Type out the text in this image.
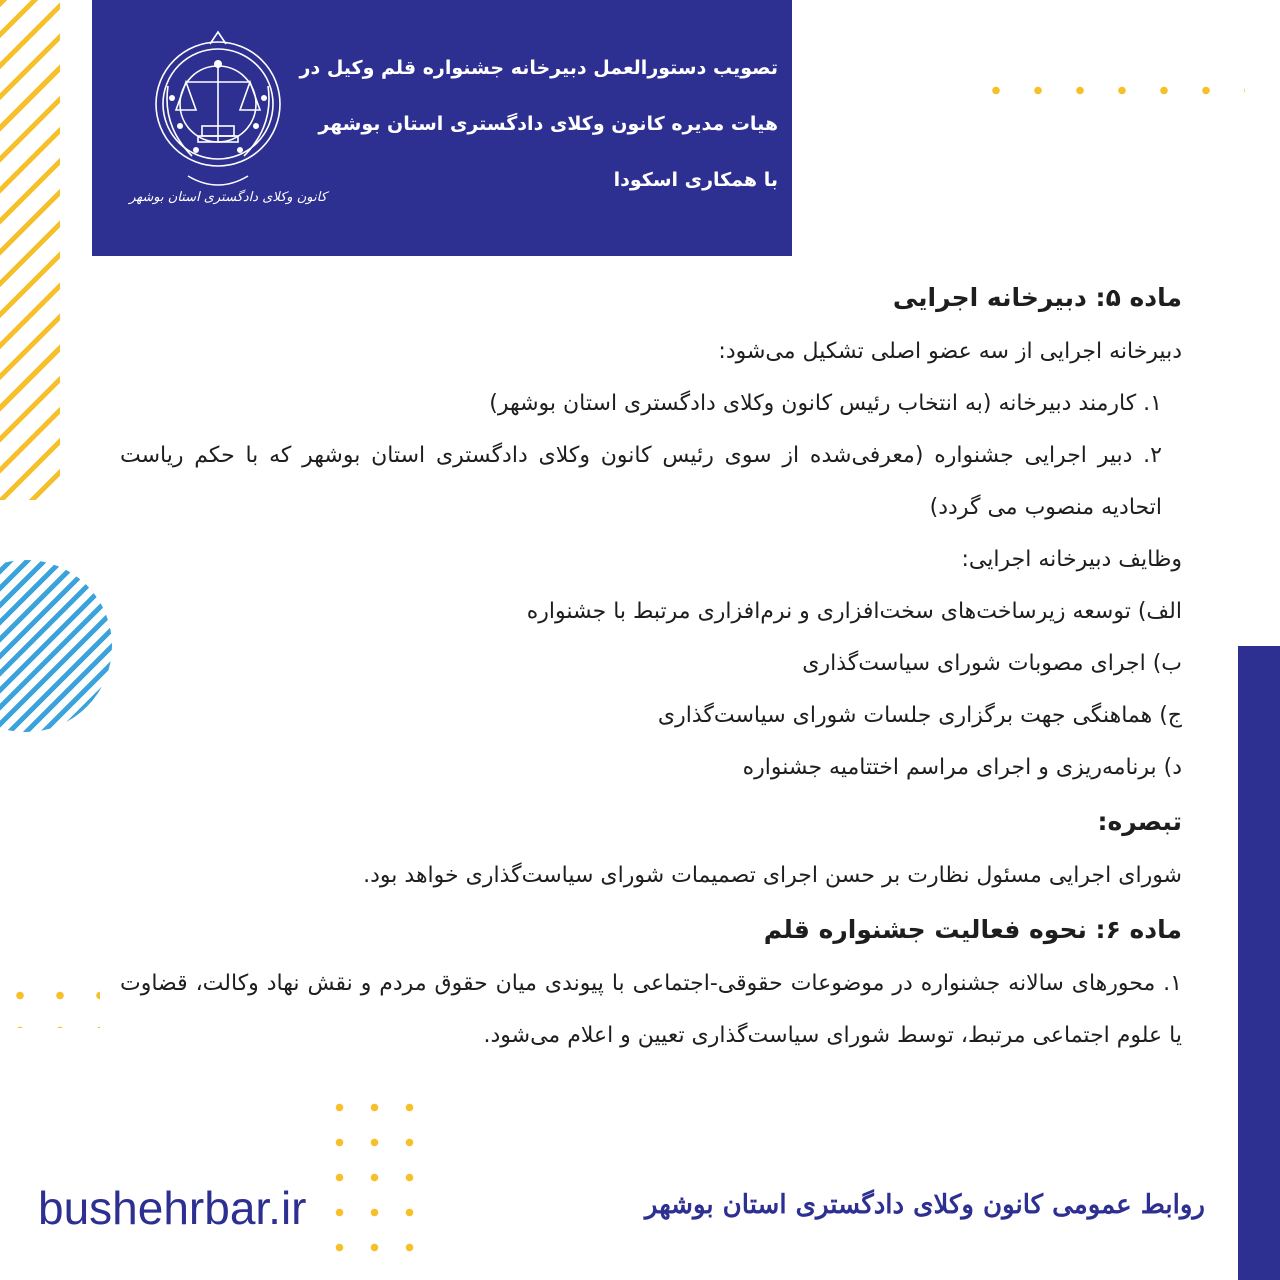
کانون وکلای دادگستری استان بوشهر
تصویب دستورالعمل دبیرخانه جشنواره قلم وکیل در
هیات مدیره کانون وکلای دادگستری استان بوشهر
با همکاری اسکودا
ماده ۵: دبیرخانه اجرایی
دبیرخانه اجرایی از سه عضو اصلی تشکیل می‌شود:
۱. کارمند دبیرخانه (به انتخاب رئیس کانون وکلای دادگستری استان بوشهر)
۲. دبیر اجرایی جشنواره (معرفی‌شده از سوی رئیس کانون وکلای دادگستری استان بوشهر که با حکم ریاست اتحادیه منصوب می گردد)
وظایف دبیرخانه اجرایی:
الف) توسعه زیرساخت‌های سخت‌افزاری و نرم‌افزاری مرتبط با جشنواره
ب) اجرای مصوبات شورای سیاست‌گذاری
ج) هماهنگی جهت برگزاری جلسات شورای سیاست‌گذاری
د) برنامه‌ریزی و اجرای مراسم اختتامیه جشنواره
تبصره:
شورای اجرایی مسئول نظارت بر حسن اجرای تصمیمات شورای سیاست‌گذاری خواهد بود.
ماده ۶: نحوه فعالیت جشنواره قلم
۱. محورهای سالانه جشنواره در موضوعات حقوقی-اجتماعی با پیوندی میان حقوق مردم و نقش نهاد وکالت، قضاوت یا علوم اجتماعی مرتبط، توسط شورای سیاست‌گذاری تعیین و اعلام می‌شود.
bushehrbar.ir	روابط عمومی کانون وکلای دادگستری استان بوشهر
